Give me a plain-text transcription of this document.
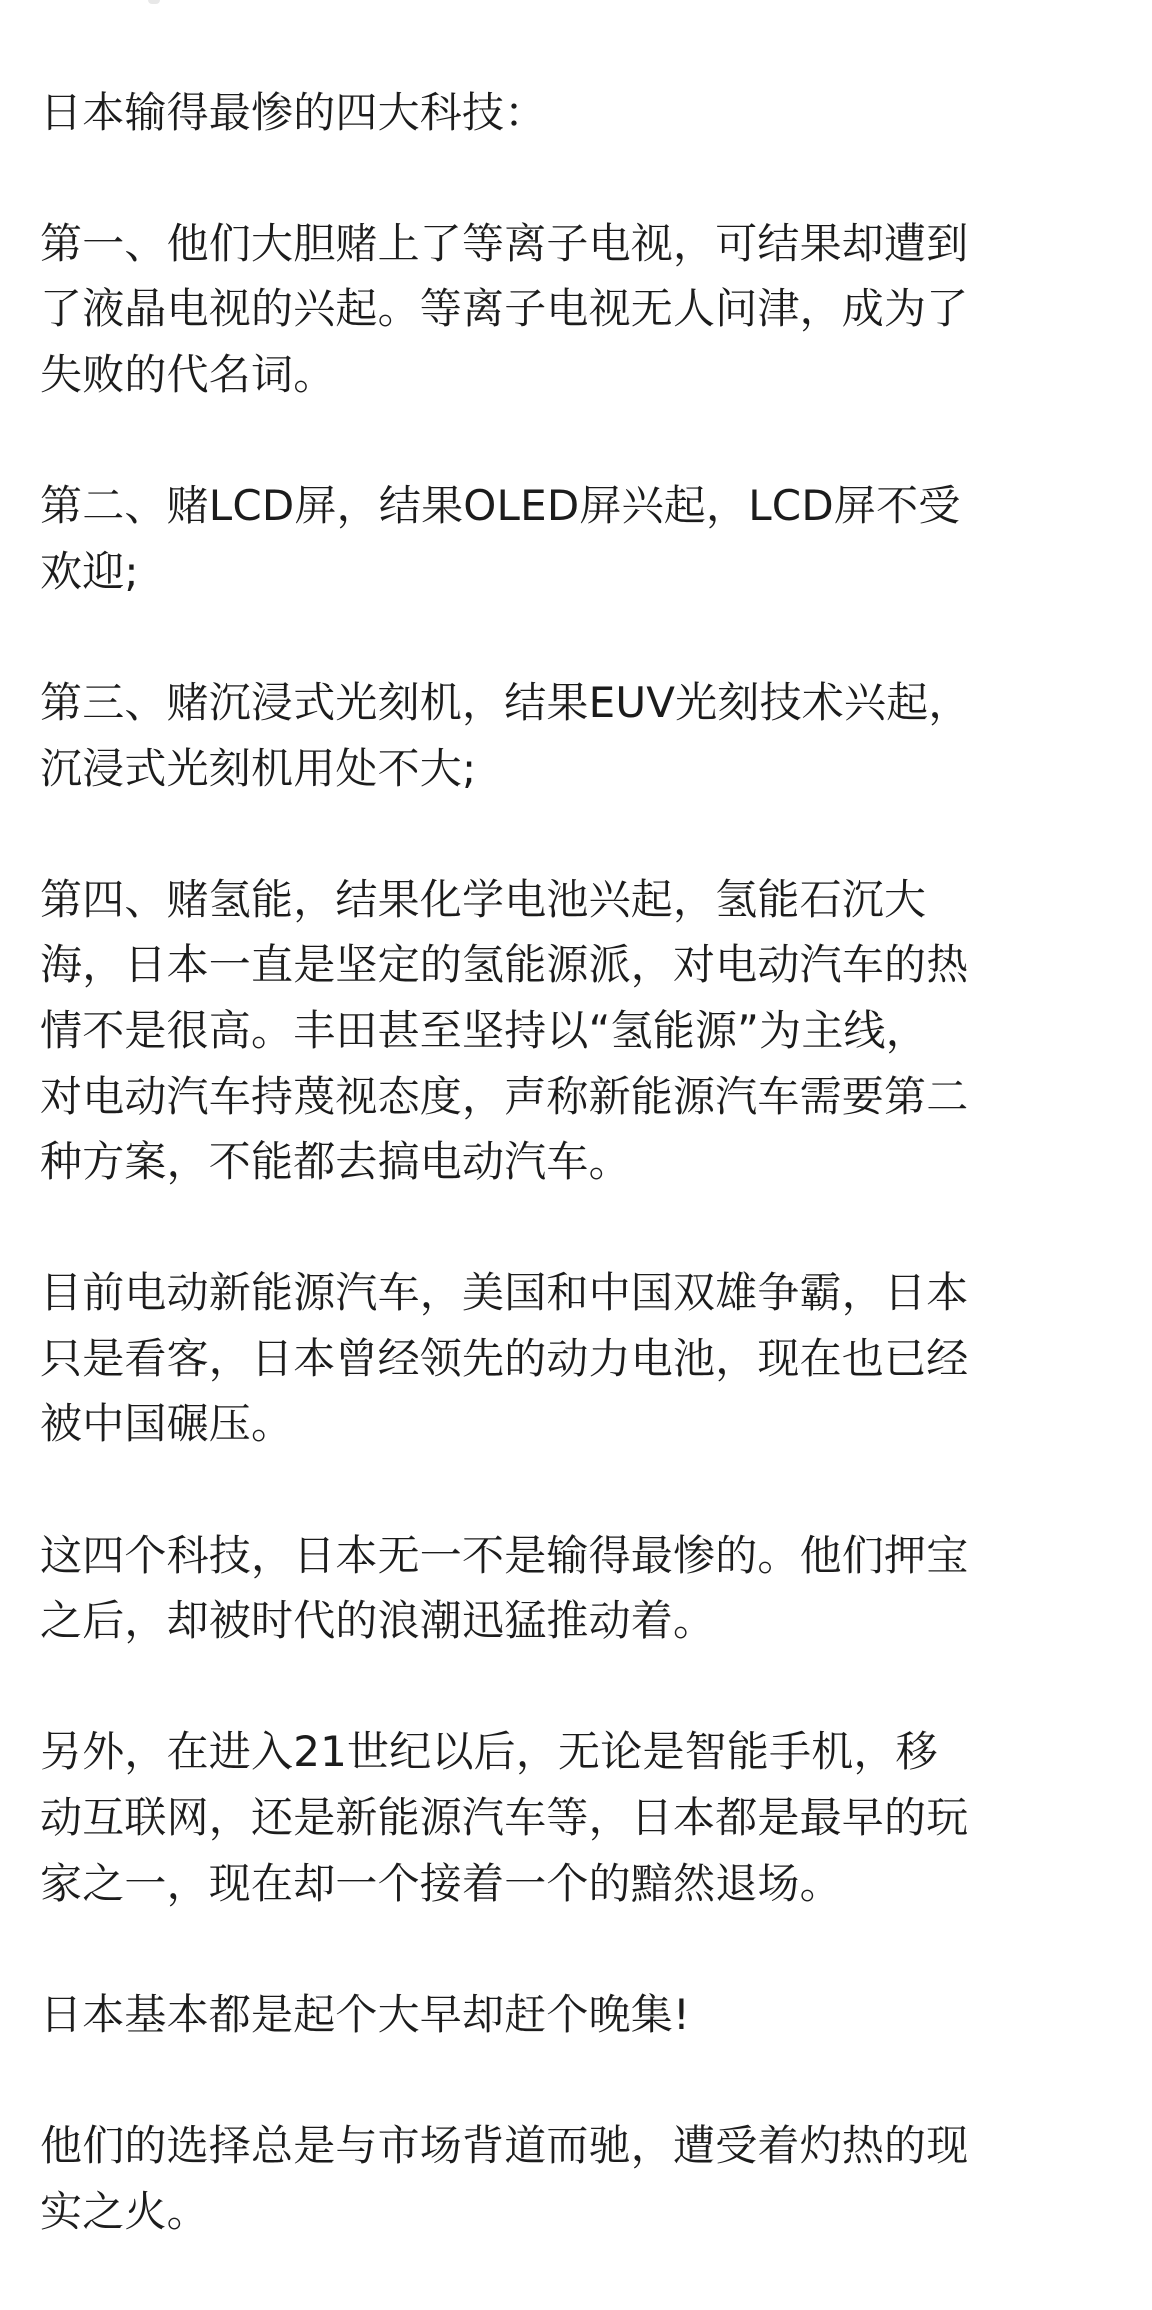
日本输得最惨的四大科技：

第一、他们大胆赌上了等离子电视，可结果却遭到
了液晶电视的兴起。等离子电视无人问津，成为了
失败的代名词。

第二、赌LCD屏，结果OLED屏兴起，LCD屏不受
欢迎;

第三、赌沉浸式光刻机，结果EUV光刻技术兴起，
沉浸式光刻机用处不大;

第四、赌氢能，结果化学电池兴起，氢能石沉大
海，日本一直是坚定的氢能源派，对电动汽车的热
情不是很高。丰田甚至坚持以“氢能源”为主线，
对电动汽车持蔑视态度，声称新能源汽车需要第二
种方案，不能都去搞电动汽车。

目前电动新能源汽车，美国和中国双雄争霸，日本
只是看客，日本曾经领先的动力电池，现在也已经
被中国碾压。

这四个科技，日本无一不是输得最惨的。他们押宝
之后，却被时代的浪潮迅猛推动着。

另外，在进入21世纪以后，无论是智能手机，移
动互联网，还是新能源汽车等，日本都是最早的玩
家之一，现在却一个接着一个的黯然退场。

日本基本都是起个大早却赶个晚集!

他们的选择总是与市场背道而驰，遭受着灼热的现
实之火。
